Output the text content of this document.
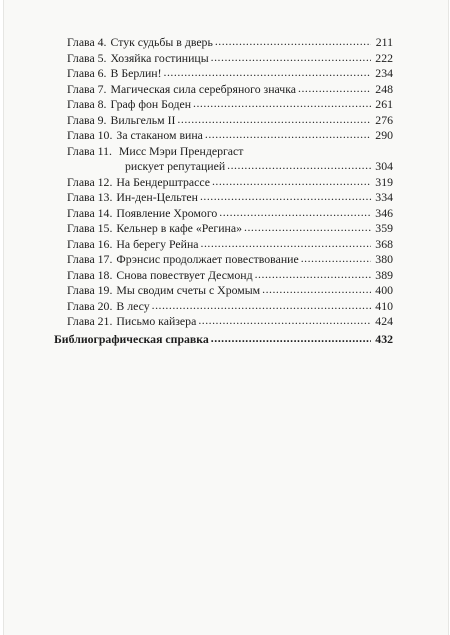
Глава 4. Стук судьбы в дверь .....	211
Глава 5. Хозяйка гостиницы .....	222
Глава 6. В Берлин! .....	234
Глава 7. Магическая сила серебряного значка .....	248
Глава 8. Граф фон Боден .....	261
Глава 9. Вильгельм II .....	276
Глава 10. За стаканом вина .....	290
Глава 11. Мисс Мэри Прендергаст
рискует репутацией .....	304
Глава 12. На Бендерштрассе .....	319
Глава 13. Ин-ден-Цельтен .....	334
Глава 14. Появление Хромого .....	346
Глава 15. Кельнер в кафе «Регина» .....	359
Глава 16. На берегу Рейна .....	368
Глава 17. Фрэнсис продолжает повествование .....	380
Глава 18. Снова повествует Десмонд .....	389
Глава 19. Мы сводим счеты с Хромым .....	400
Глава 20. В лесу .....	410
Глава 21. Письмо кайзера .....	424
Библиографическая справка .....	432
